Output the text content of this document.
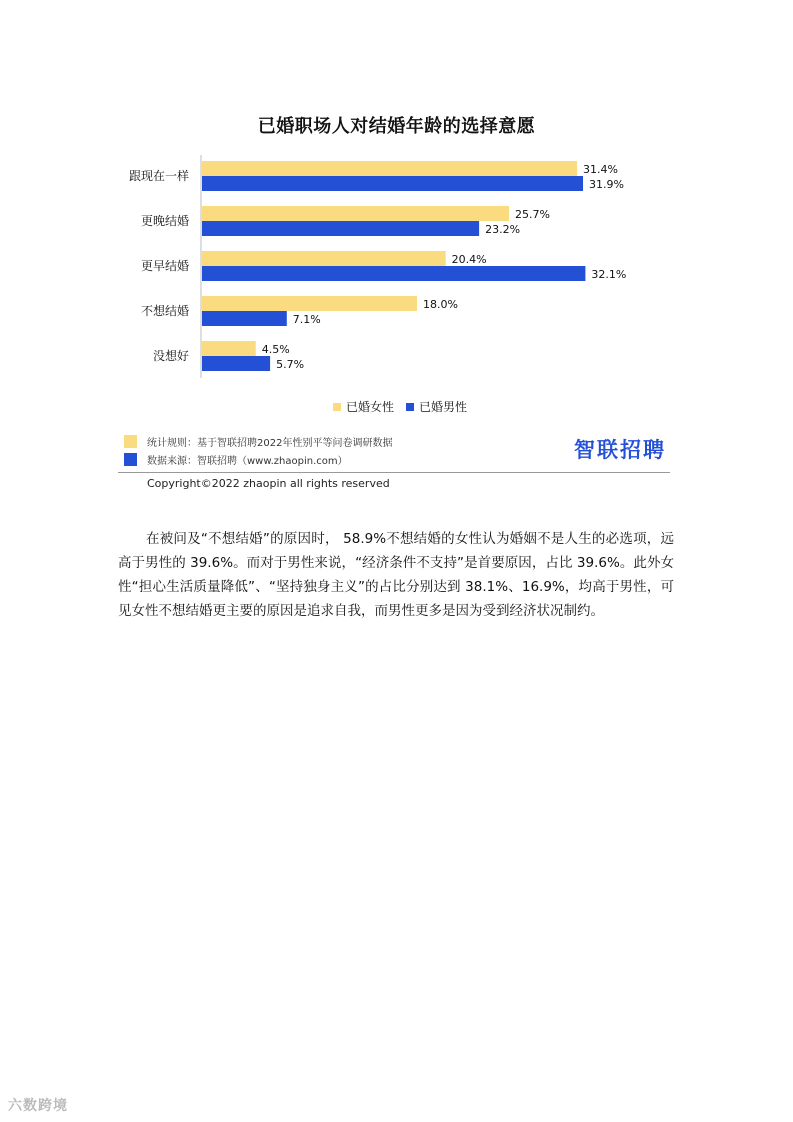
已婚职场人对结婚年龄的选择意愿
跟现在一样	31.4%
31.9%
更晚结婚	25.7%
23.2%
更早结婚	20.4%
32.1%
不想结婚	18.0%
7.1%
没想好	4.5%
5.7%
已婚女性 已婚男性
统计规则：基于智联招聘2022年性别平等问卷调研数据
数据来源：智联招聘（www.zhaopin.com）	智联招聘
Copyright©2022 zhaopin all rights reserved
在被问及“不想结婚”的原因时， 58.9%不想结婚的女性认为婚姻不是人生的必选项，远高于男性的 39.6%。而对于男性来说，“经济条件不支持”是首要原因，占比 39.6%。此外女性“担心生活质量降低”、“坚持独身主义”的占比分别达到 38.1%、16.9%，均高于男性，可见女性不想结婚更主要的原因是追求自我，而男性更多是因为受到经济状况制约。
六数跨境
